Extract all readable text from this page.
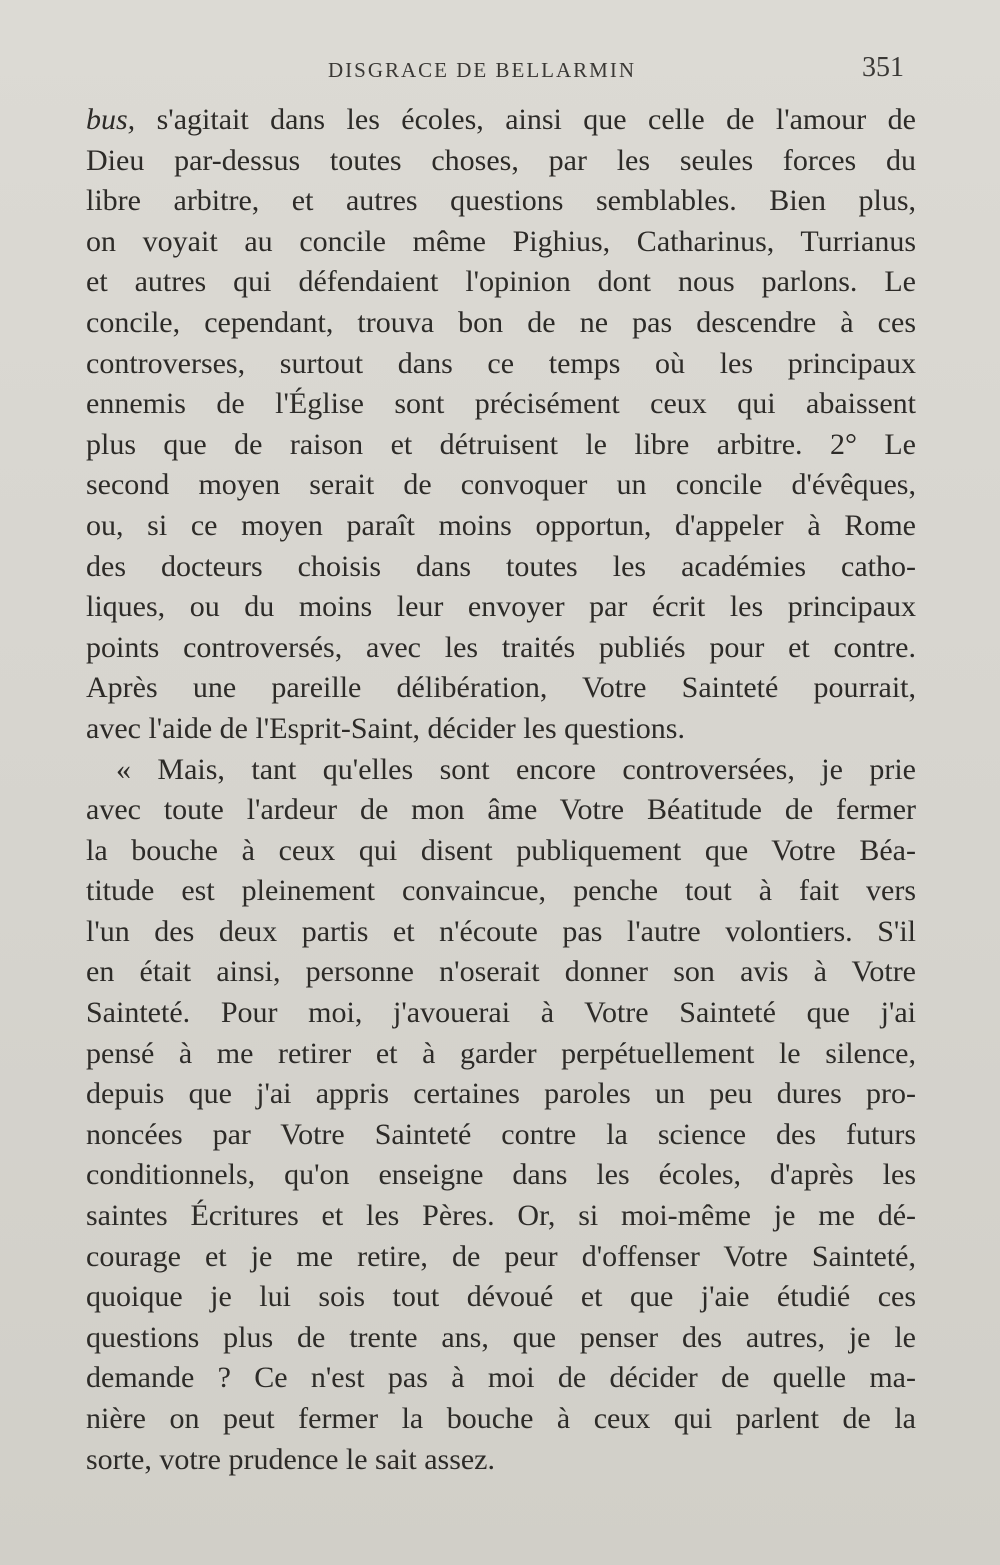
DISGRACE DE BELLARMIN	351
bus, s'agitait dans les écoles, ainsi que celle de l'amour de
Dieu par-dessus toutes choses, par les seules forces du
libre arbitre, et autres questions semblables. Bien plus,
on voyait au concile même Pighius, Catharinus, Turrianus
et autres qui défendaient l'opinion dont nous parlons. Le
concile, cependant, trouva bon de ne pas descendre à ces
controverses, surtout dans ce temps où les principaux
ennemis de l'Église sont précisément ceux qui abaissent
plus que de raison et détruisent le libre arbitre. 2° Le
second moyen serait de convoquer un concile d'évêques,
ou, si ce moyen paraît moins opportun, d'appeler à Rome
des docteurs choisis dans toutes les académies catho-
liques, ou du moins leur envoyer par écrit les principaux
points controversés, avec les traités publiés pour et contre.
Après une pareille délibération, Votre Sainteté pourrait,
avec l'aide de l'Esprit-Saint, décider les questions.
« Mais, tant qu'elles sont encore controversées, je prie
avec toute l'ardeur de mon âme Votre Béatitude de fermer
la bouche à ceux qui disent publiquement que Votre Béa-
titude est pleinement convaincue, penche tout à fait vers
l'un des deux partis et n'écoute pas l'autre volontiers. S'il
en était ainsi, personne n'oserait donner son avis à Votre
Sainteté. Pour moi, j'avouerai à Votre Sainteté que j'ai
pensé à me retirer et à garder perpétuellement le silence,
depuis que j'ai appris certaines paroles un peu dures pro-
noncées par Votre Sainteté contre la science des futurs
conditionnels, qu'on enseigne dans les écoles, d'après les
saintes Écritures et les Pères. Or, si moi-même je me dé-
courage et je me retire, de peur d'offenser Votre Sainteté,
quoique je lui sois tout dévoué et que j'aie étudié ces
questions plus de trente ans, que penser des autres, je le
demande ? Ce n'est pas à moi de décider de quelle ma-
nière on peut fermer la bouche à ceux qui parlent de la
sorte, votre prudence le sait assez.
